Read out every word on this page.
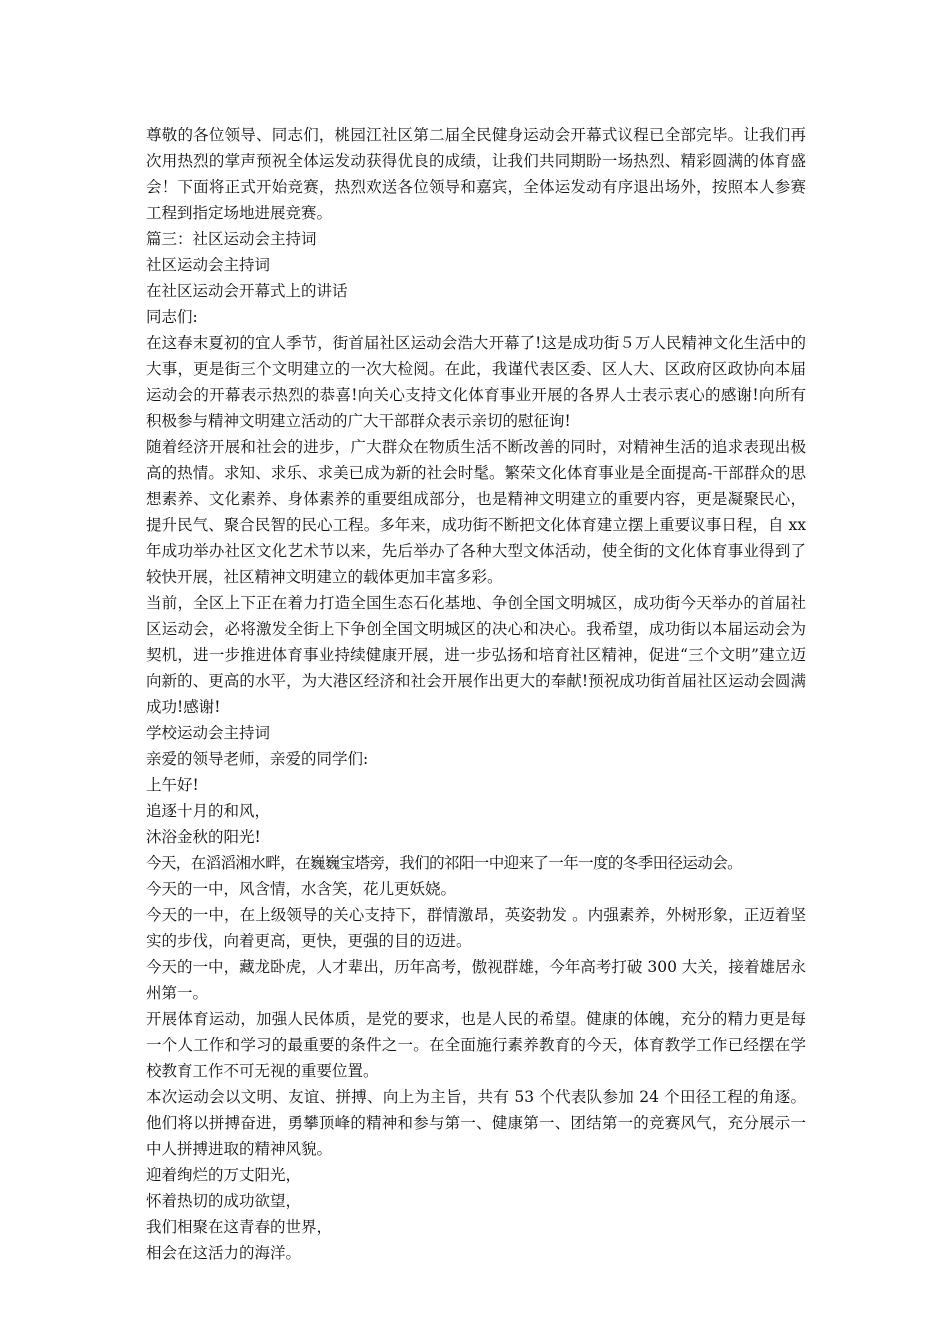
尊敬的各位领导、同志们，桃园江社区第二届全民健身运动会开幕式议程已全部完毕。让我们再次用热烈的掌声预祝全体运发动获得优良的成绩，让我们共同期盼一场热烈、精彩圆满的体育盛会！下面将正式开始竞赛，热烈欢送各位领导和嘉宾，全体运发动有序退出场外，按照本人参赛工程到指定场地进展竞赛。

篇三：社区运动会主持词

社区运动会主持词

在社区运动会开幕式上的讲话

同志们:

在这春末夏初的宜人季节，街首届社区运动会浩大开幕了!这是成功街５万人民精神文化生活中的大事，更是街三个文明建立的一次大检阅。在此，我谨代表区委、区人大、区政府区政协向本届运动会的开幕表示热烈的恭喜!向关心支持文化体育事业开展的各界人士表示衷心的感谢!向所有积极参与精神文明建立活动的广大干部群众表示亲切的慰征询!

随着经济开展和社会的进步，广大群众在物质生活不断改善的同时，对精神生活的追求表现出极高的热情。求知、求乐、求美已成为新的社会时髦。繁荣文化体育事业是全面提高-干部群众的思想素养、文化素养、身体素养的重要组成部分，也是精神文明建立的重要内容，更是凝聚民心，提升民气、聚合民智的民心工程。多年来，成功街不断把文化体育建立摆上重要议事日程，自 xx 年成功举办社区文化艺术节以来，先后举办了各种大型文体活动，使全街的文化体育事业得到了较快开展，社区精神文明建立的载体更加丰富多彩。

当前，全区上下正在着力打造全国生态石化基地、争创全国文明城区，成功街今天举办的首届社区运动会，必将激发全街上下争创全国文明城区的决心和决心。我希望，成功街以本届运动会为契机，进一步推进体育事业持续健康开展，进一步弘扬和培育社区精神，促进“三个文明”建立迈向新的、更高的水平，为大港区经济和社会开展作出更大的奉献!预祝成功街首届社区运动会圆满成功!感谢!

学校运动会主持词

亲爱的领导老师，亲爱的同学们:

上午好!

追逐十月的和风，

沐浴金秋的阳光!

今天，在滔滔湘水畔，在巍巍宝塔旁，我们的祁阳一中迎来了一年一度的冬季田径运动会。

今天的一中，风含情，水含笑，花儿更妖娆。

今天的一中，在上级领导的关心支持下，群情激昂，英姿勃发 。内强素养，外树形象，正迈着坚实的步伐，向着更高，更快，更强的目的迈进。

今天的一中，藏龙卧虎，人才辈出，历年高考，傲视群雄，今年高考打破 300 大关，接着雄居永州第一。

开展体育运动，加强人民体质，是党的要求，也是人民的希望。健康的体魄，充分的精力更是每一个人工作和学习的最重要的条件之一。在全面施行素养教育的今天，体育教学工作已经摆在学校教育工作不可无视的重要位置。

本次运动会以文明、友谊、拼搏、向上为主旨，共有 53 个代表队参加 24 个田径工程的角逐。他们将以拼搏奋进，勇攀顶峰的精神和参与第一、健康第一、团结第一的竞赛风气，充分展示一中人拼搏进取的精神风貌。

迎着绚烂的万丈阳光，

怀着热切的成功欲望，

我们相聚在这青春的世界，

相会在这活力的海洋。
